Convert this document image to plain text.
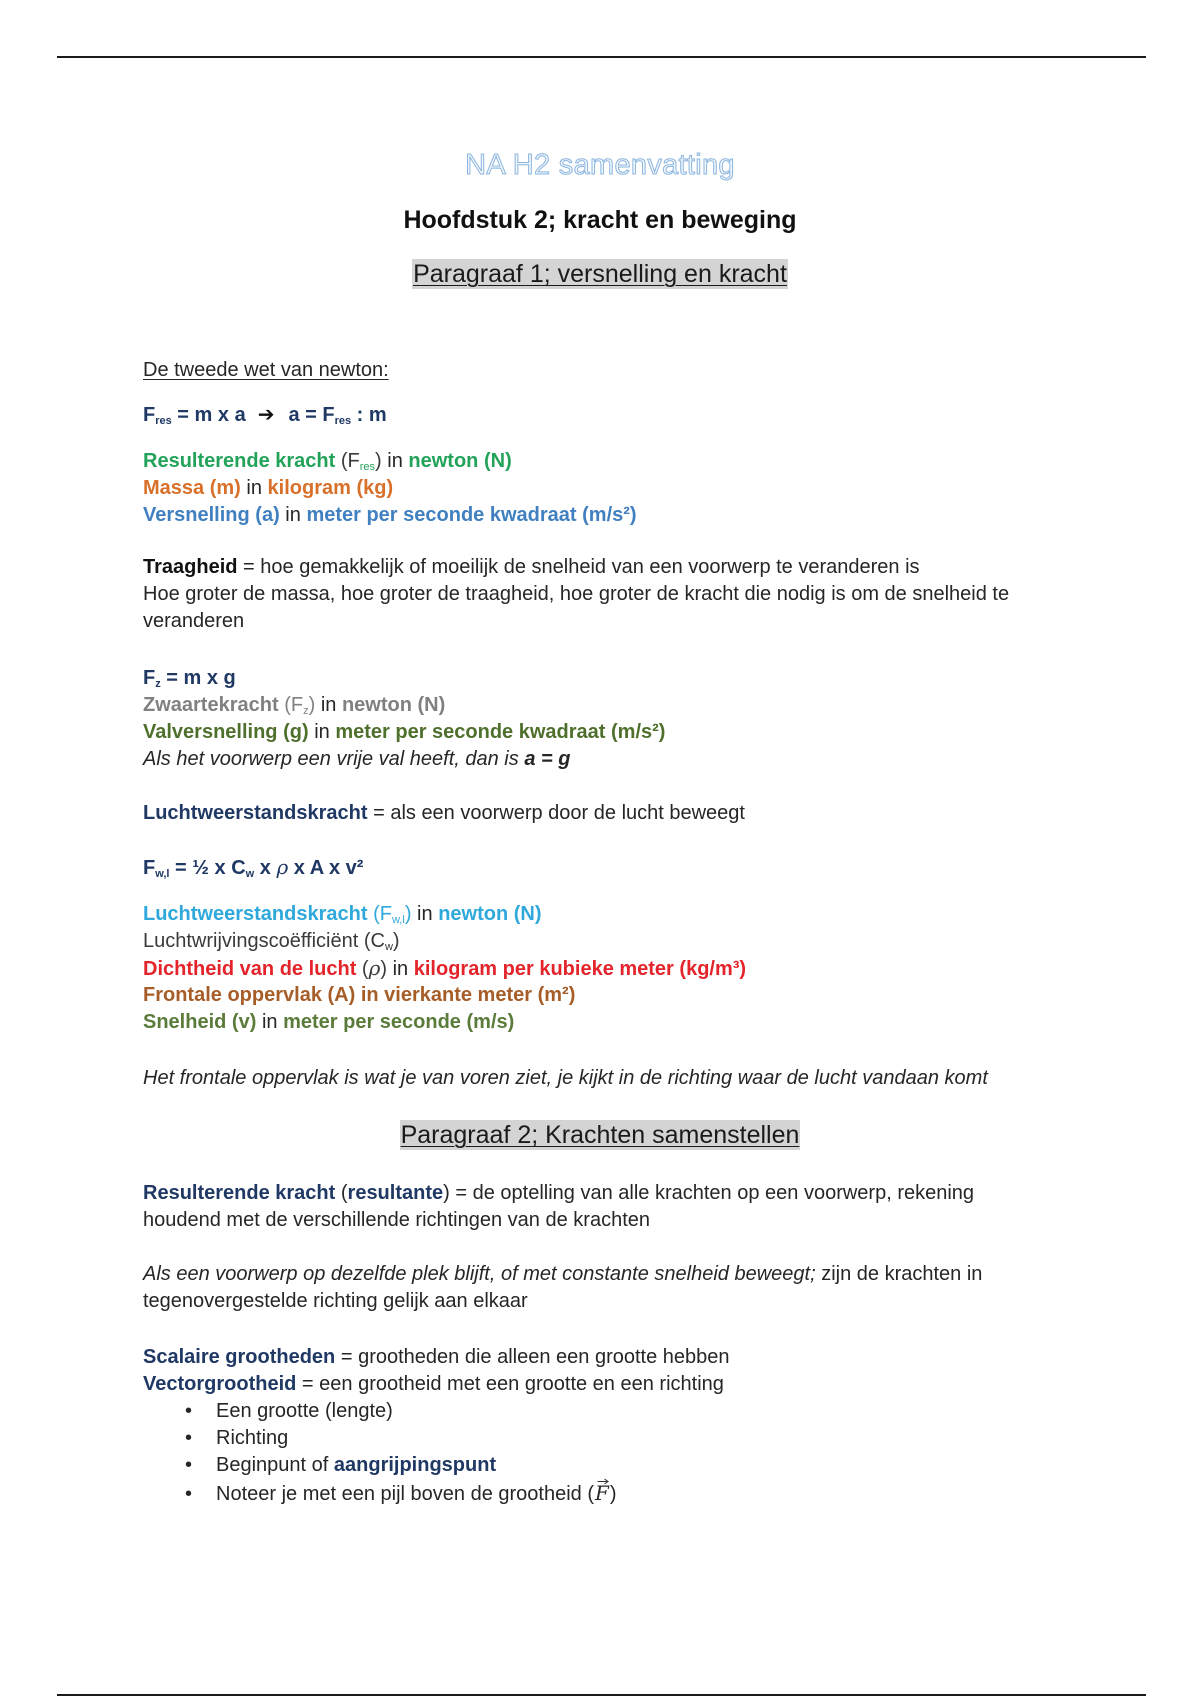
NA H2 samenvatting
Hoofdstuk 2; kracht en beweging
Paragraaf 1; versnelling en kracht
De tweede wet van newton:
$F_{res} = m$ x a ➔ $a = F_{res}$ : m
Resulterende kracht $(F_{res})$ in newton (N)
Massa (m) in kilogram (kg)
Versnelling (a) in meter per seconde kwadraat (m/s²)
Traagheid = hoe gemakkelijk of moeilijk de snelheid van een voorwerp te veranderen is
Hoe groter de massa, hoe groter de traagheid, hoe groter de kracht die nodig is om de snelheid te
veranderen
$F_z = m$ x g
Zwaartekracht $(F_z)$ in newton (N)
Valversnelling (g) in meter per seconde kwadraat (m/s²)
Als het voorwerp een vrije val heeft, dan is a = g
Luchtweerstandskracht = als een voorwerp door de lucht beweegt
$F_{w,l}$ = ½ x $C_w$ x ρ x A x v²
Luchtweerstandskracht $(F_{w,l})$ in newton (N)
Luchtwrijvingscoëfficiënt $(C_w)$
Dichtheid van de lucht (ρ) in kilogram per kubieke meter (kg/m³)
Frontale oppervlak (A) in vierkante meter (m²)
Snelheid (v) in meter per seconde (m/s)
Het frontale oppervlak is wat je van voren ziet, je kijkt in de richting waar de lucht vandaan komt
Paragraaf 2; Krachten samenstellen
Resulterende kracht (resultante) = de optelling van alle krachten op een voorwerp, rekening
houdend met de verschillende richtingen van de krachten
Als een voorwerp op dezelfde plek blijft, of met constante snelheid beweegt; zijn de krachten in
tegenovergestelde richting gelijk aan elkaar
Scalaire grootheden = grootheden die alleen een grootte hebben
Vectorgrootheid = een grootheid met een grootte en een richting
• Een grootte (lengte)
• Richting
• Beginpunt of aangrijpingspunt
• Noteer je met een pijl boven de grootheid (
F)
